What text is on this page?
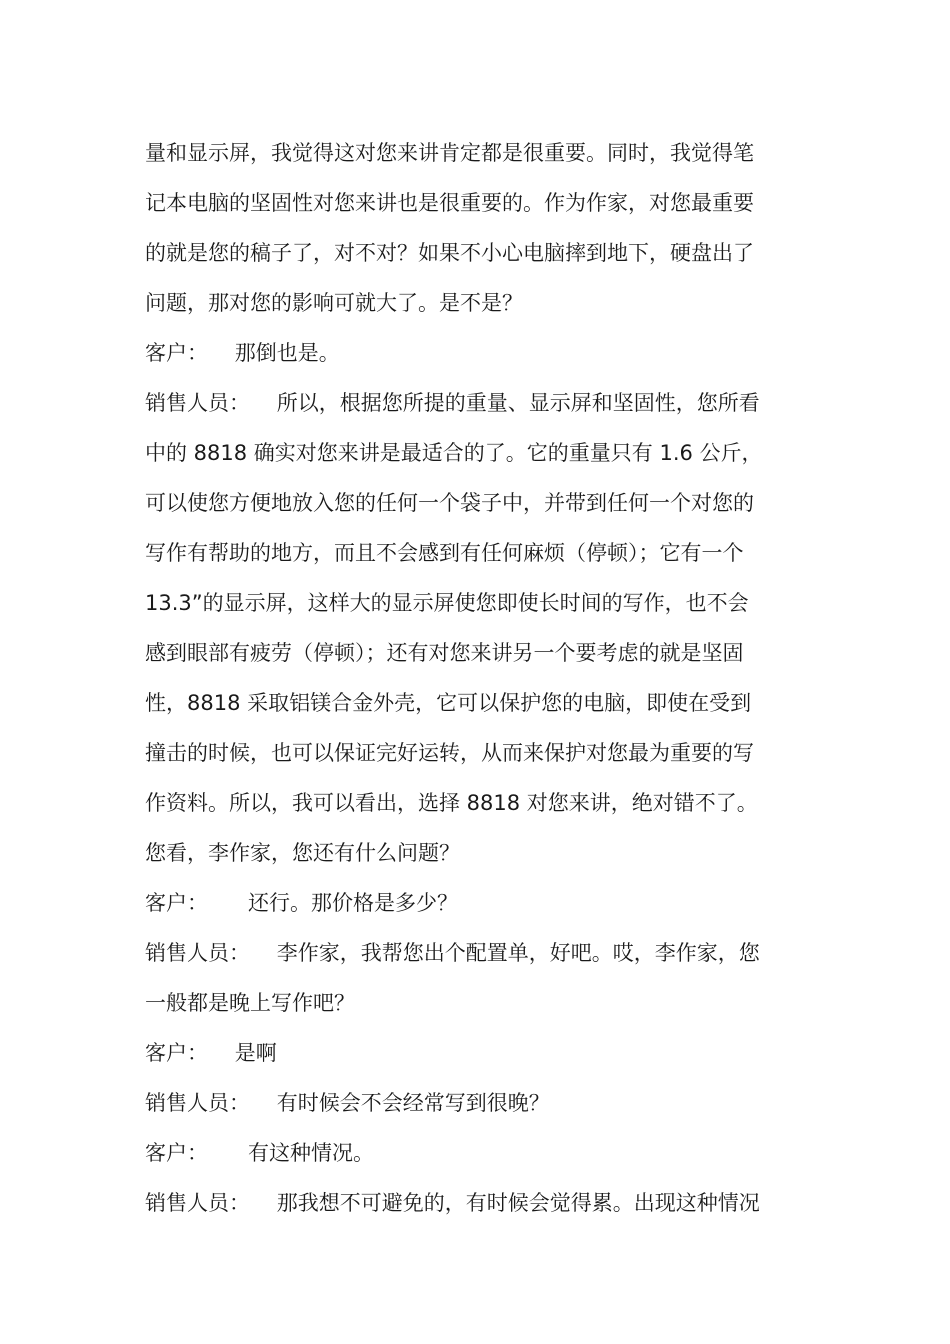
量和显示屏，我觉得这对您来讲肯定都是很重要。同时，我觉得笔
记本电脑的坚固性对您来讲也是很重要的。作为作家，对您最重要
的就是您的稿子了，对不对？如果不小心电脑摔到地下，硬盘出了
问题，那对您的影响可就大了。是不是？
客户：    那倒也是。
销售人员：    所以，根据您所提的重量、显示屏和坚固性，您所看
中的 8818 确实对您来讲是最适合的了。它的重量只有 1.6 公斤，
可以使您方便地放入您的任何一个袋子中，并带到任何一个对您的
写作有帮助的地方，而且不会感到有任何麻烦（停顿）；它有一个
13.3”的显示屏，这样大的显示屏使您即使长时间的写作，也不会
感到眼部有疲劳（停顿）；还有对您来讲另一个要考虑的就是坚固
性，8818 采取铝镁合金外壳，它可以保护您的电脑，即使在受到
撞击的时候，也可以保证完好运转，从而来保护对您最为重要的写
作资料。所以，我可以看出，选择 8818 对您来讲，绝对错不了。
您看，李作家，您还有什么问题？
客户：      还行。那价格是多少？
销售人员：    李作家，我帮您出个配置单，好吧。哎，李作家，您
一般都是晚上写作吧？
客户：    是啊
销售人员：    有时候会不会经常写到很晚？
客户：      有这种情况。
销售人员：    那我想不可避免的，有时候会觉得累。出现这种情况
